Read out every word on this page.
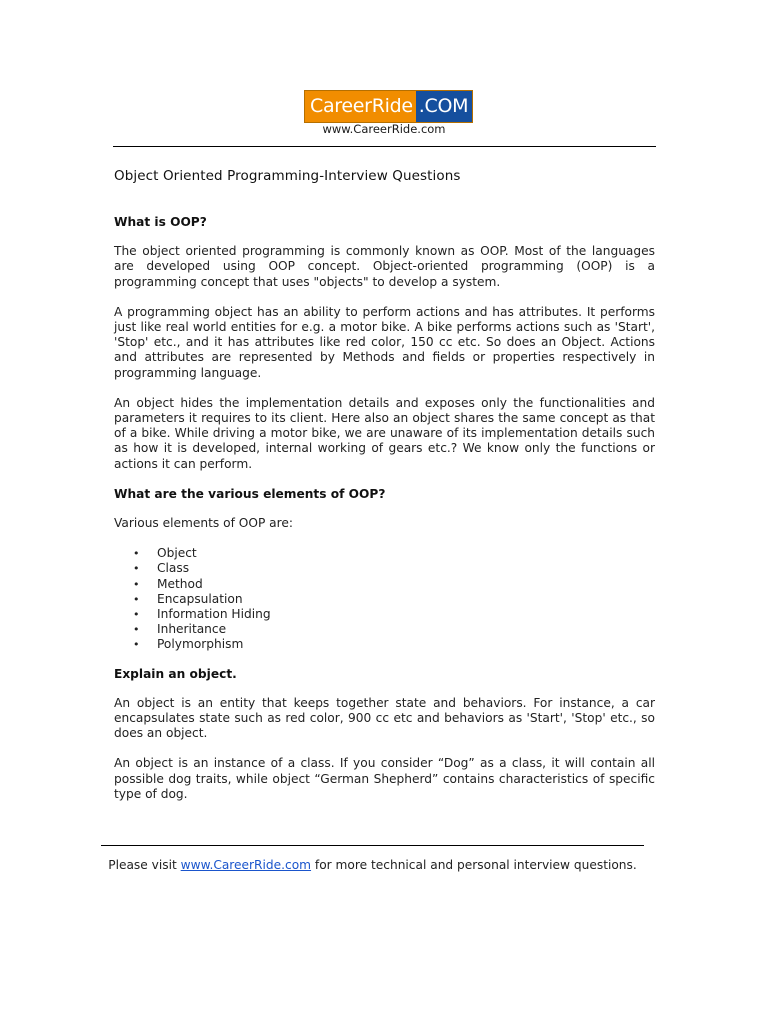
CareerRide .COM
www.CareerRide.com
Object Oriented Programming-Interview Questions
What is OOP?

The object oriented programming is commonly known as OOP. Most of the languages are developed using OOP concept. Object-oriented programming (OOP) is a programming concept that uses "objects" to develop a system.

A programming object has an ability to perform actions and has attributes. It performs just like real world entities for e.g. a motor bike. A bike performs actions such as 'Start', 'Stop' etc., and it has attributes like red color, 150 cc etc. So does an Object. Actions and attributes are represented by Methods and fields or properties respectively in programming language.

An object hides the implementation details and exposes only the functionalities and parameters it requires to its client. Here also an object shares the same concept as that of a bike. While driving a motor bike, we are unaware of its implementation details such as how it is developed, internal working of gears etc.? We know only the functions or actions it can perform.

What are the various elements of OOP?

Various elements of OOP are:

• Object
• Class
• Method
• Encapsulation
• Information Hiding
• Inheritance
• Polymorphism
Explain an object.

An object is an entity that keeps together state and behaviors. For instance, a car encapsulates state such as red color, 900 cc etc and behaviors as 'Start', 'Stop' etc., so does an object.

An object is an instance of a class. If you consider “Dog” as a class, it will contain all possible dog traits, while object “German Shepherd” contains characteristics of specific type of dog.

Please visit www.CareerRide.com for more technical and personal interview questions.
